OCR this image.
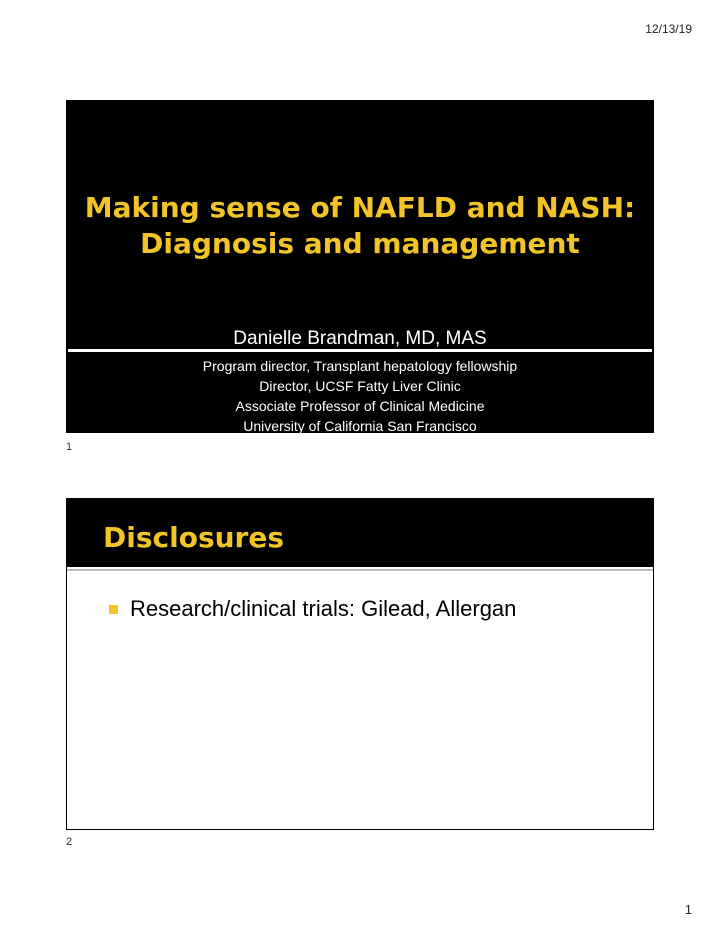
12/13/19
Making sense of NAFLD and NASH:
Diagnosis and management
Danielle Brandman, MD, MAS
Program director, Transplant hepatology fellowship
Director, UCSF Fatty Liver Clinic
Associate Professor of Clinical Medicine
University of California San Francisco
1
Disclosures
Research/clinical trials: Gilead, Allergan
2
1
